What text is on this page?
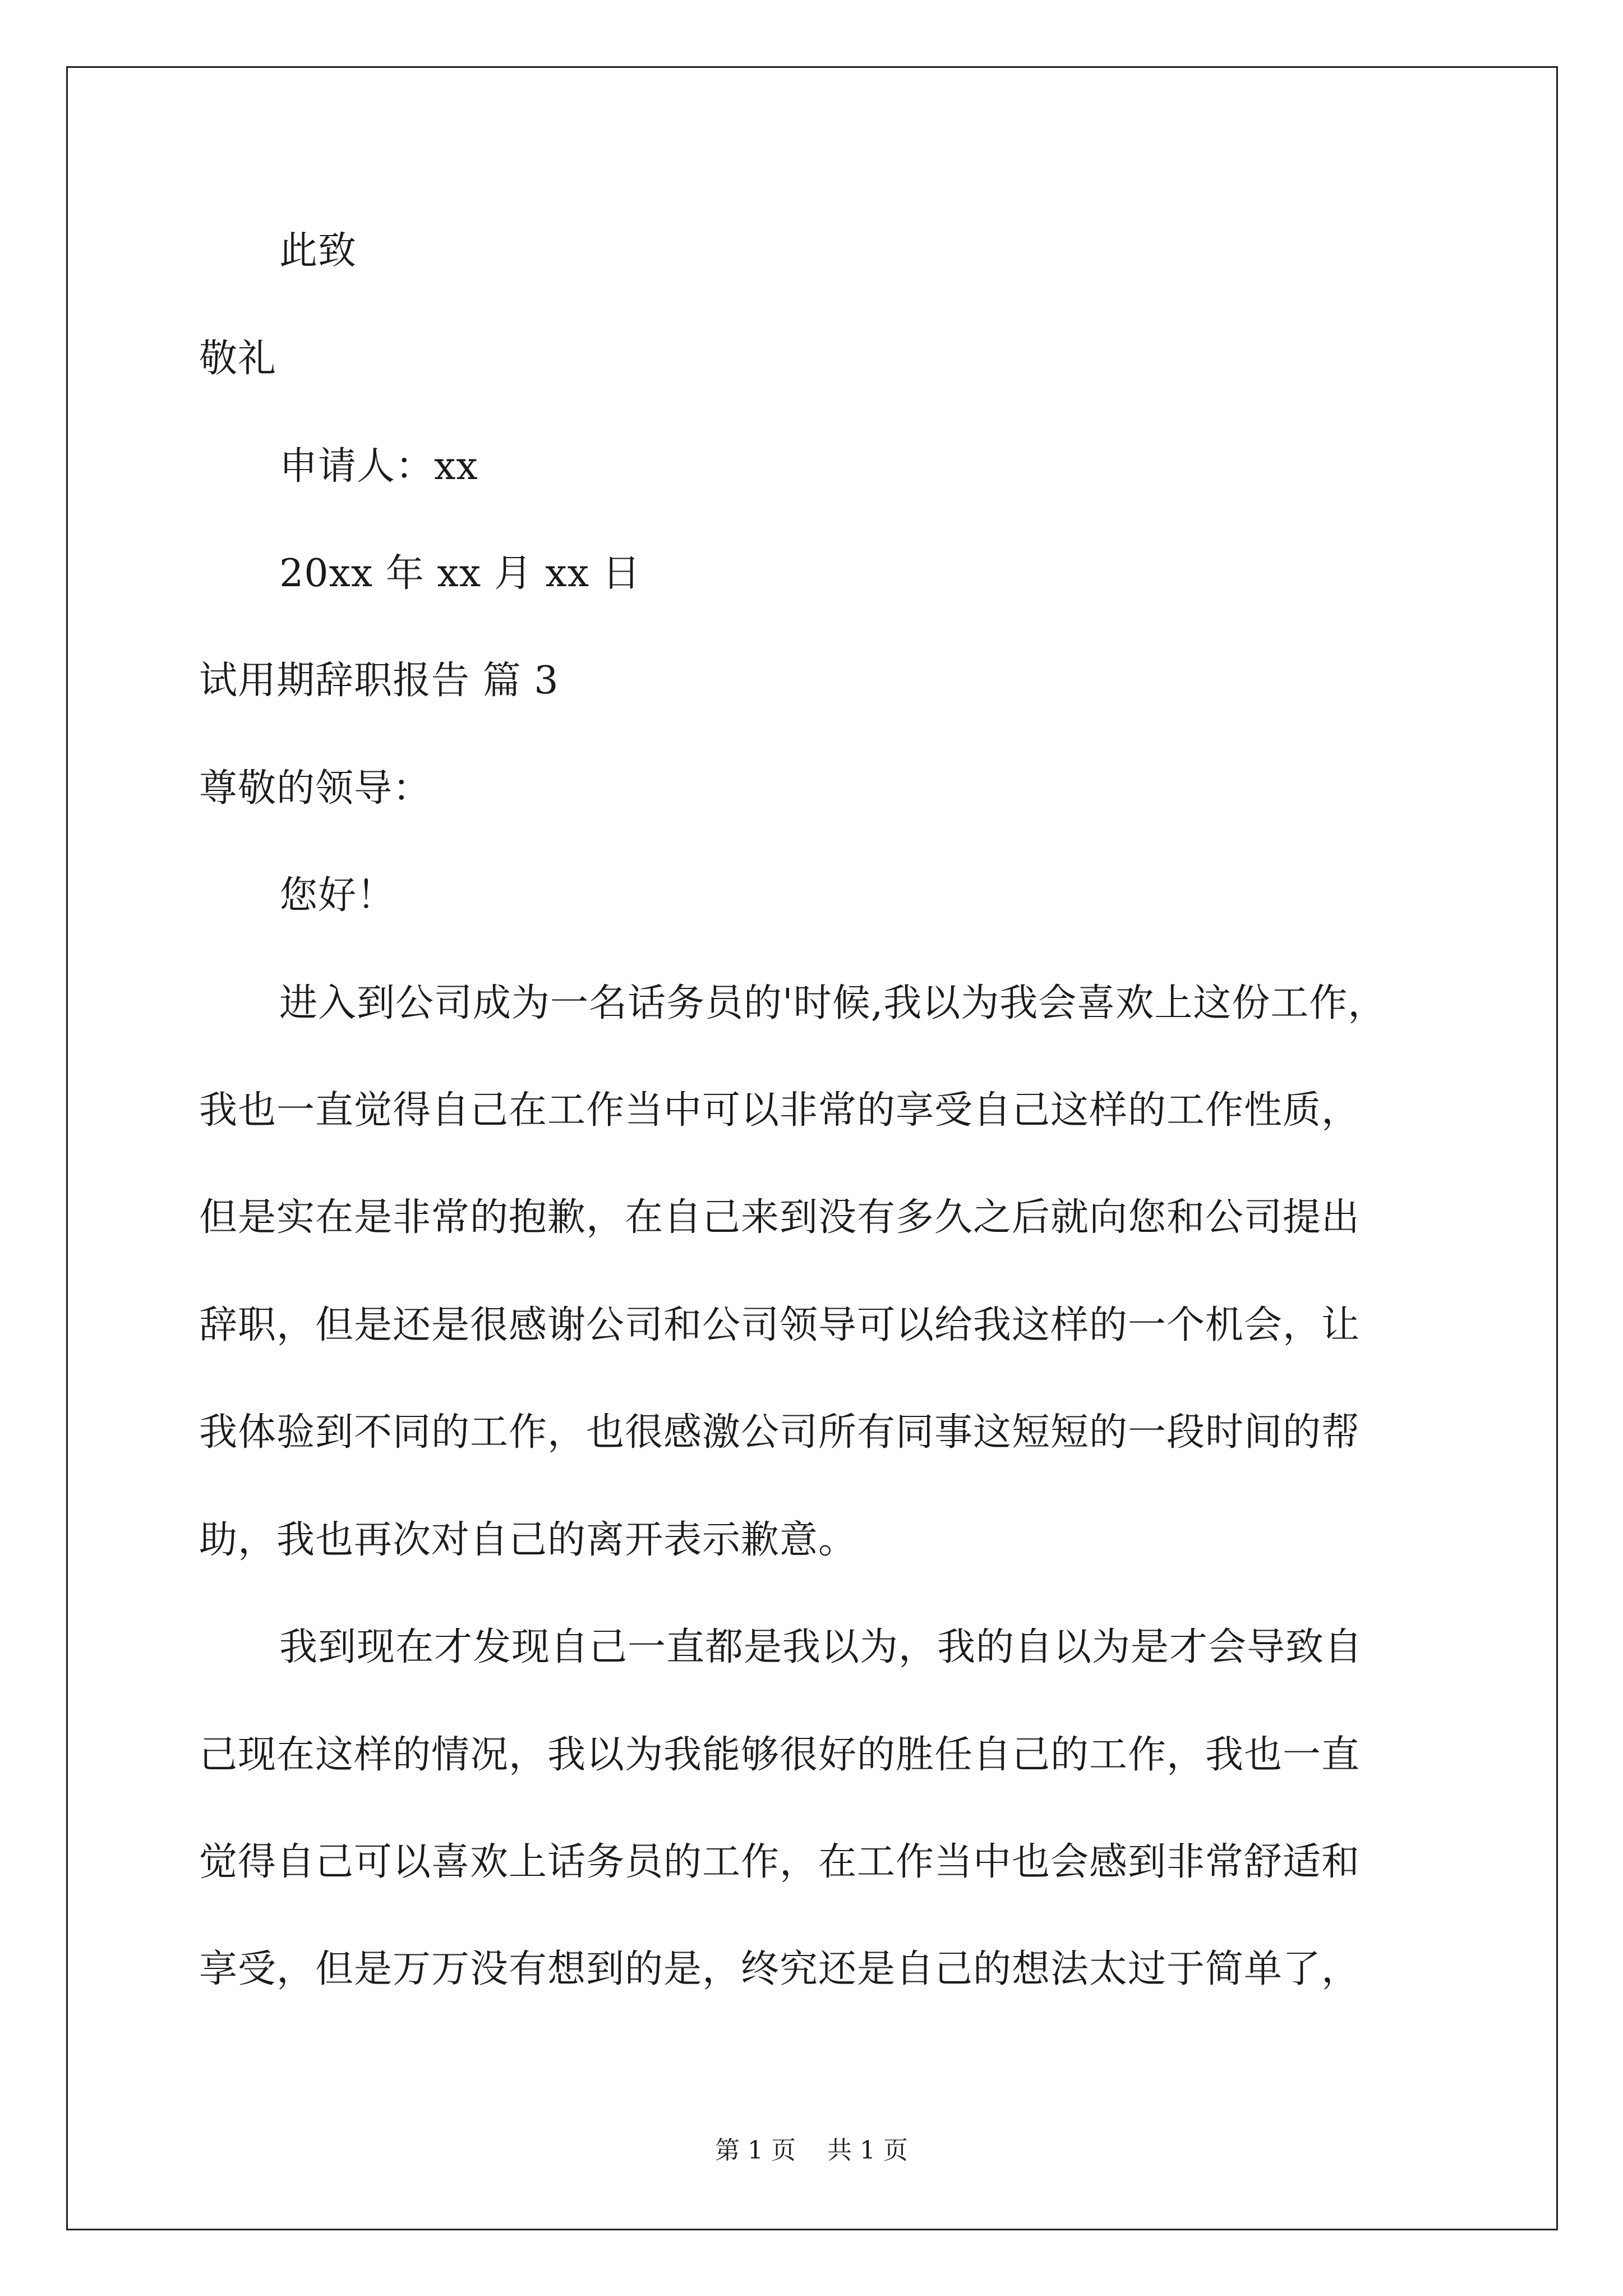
此致
敬礼
申请人：xx
20xx 年 xx 月 xx 日
试用期辞职报告 篇 3
尊敬的领导：
您好！
进入到公司成为一名话务员的'时候,我以为我会喜欢上这份工作，
我也一直觉得自己在工作当中可以非常的享受自己这样的工作性质，
但是实在是非常的抱歉，在自己来到没有多久之后就向您和公司提出
辞职，但是还是很感谢公司和公司领导可以给我这样的一个机会，让
我体验到不同的工作，也很感激公司所有同事这短短的一段时间的帮
助，我也再次对自己的离开表示歉意。
我到现在才发现自己一直都是我以为，我的自以为是才会导致自
己现在这样的情况，我以为我能够很好的胜任自己的工作，我也一直
觉得自己可以喜欢上话务员的工作，在工作当中也会感到非常舒适和
享受，但是万万没有想到的是，终究还是自己的想法太过于简单了，
第 1 页    共 1 页
